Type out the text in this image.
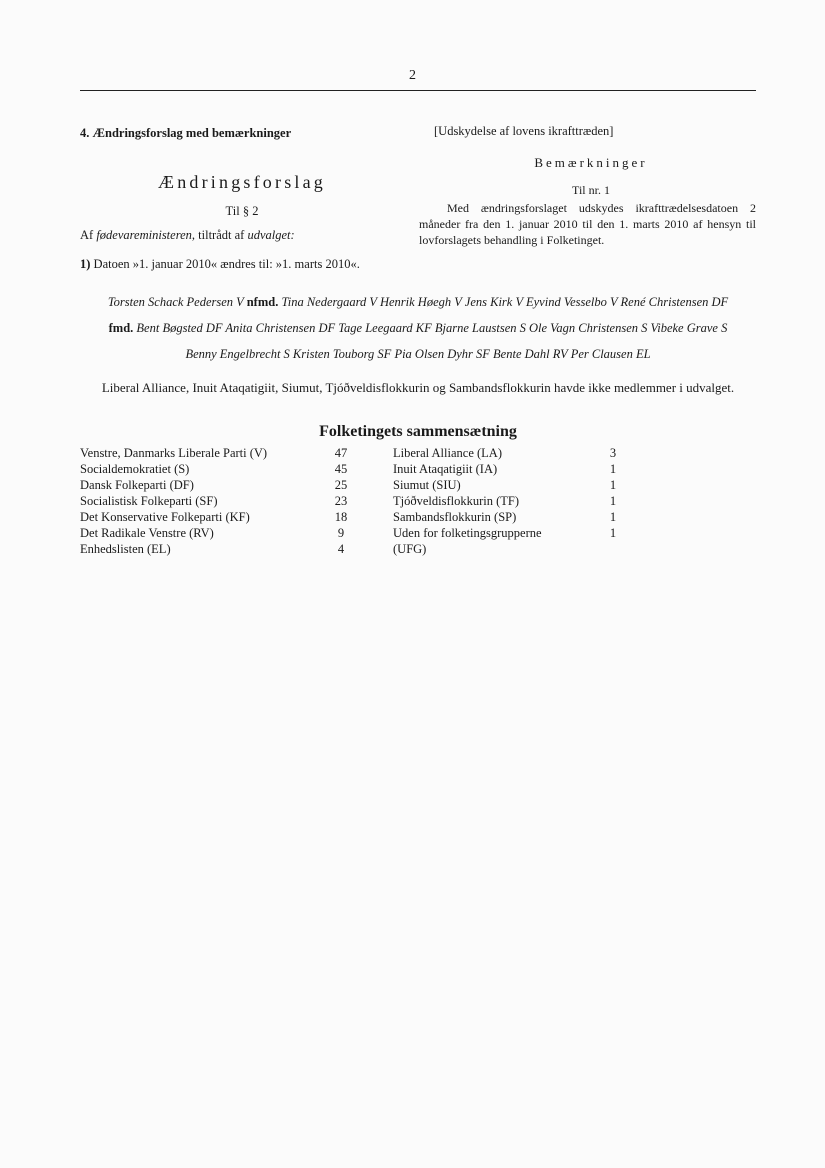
2
4. Ændringsforslag med bemærkninger
Ændringsforslag
Til § 2
Af fødevareministeren, tiltrådt af udvalget:
1) Datoen »1. januar 2010« ændres til: »1. marts 2010«.
[Udskydelse af lovens ikrafttræden]
Bemærkninger
Til nr. 1
Med ændringsforslaget udskydes ikrafttrædelsesdatoen 2 måneder fra den 1. januar 2010 til den 1. marts 2010 af hensyn til lovforslagets behandling i Folketinget.
Torsten Schack Pedersen V nfmd. Tina Nedergaard V Henrik Høegh V Jens Kirk V Eyvind Vesselbo V René Christensen DF
fmd. Bent Bøgsted DF Anita Christensen DF Tage Leegaard KF Bjarne Laustsen S Ole Vagn Christensen S Vibeke Grave S
Benny Engelbrecht S Kristen Touborg SF Pia Olsen Dyhr SF Bente Dahl RV Per Clausen EL
Liberal Alliance, Inuit Ataqatigiit, Siumut, Tjóðveldisflokkurin og Sambandsflokkurin havde ikke medlemmer i udvalget.
Folketingets sammensætning
Venstre, Danmarks Liberale Parti (V)
Socialdemokratiet (S)
Dansk Folkeparti (DF)
Socialistisk Folkeparti (SF)
Det Konservative Folkeparti (KF)
Det Radikale Venstre (RV)
Enhedslisten (EL)
47
45
25
23
18
9
4
Liberal Alliance (LA)
Inuit Ataqatigiit (IA)
Siumut (SIU)
Tjóðveldisflokkurin (TF)
Sambandsflokkurin (SP)
Uden for folketingsgrupperne
(UFG)
3
1
1
1
1
1
